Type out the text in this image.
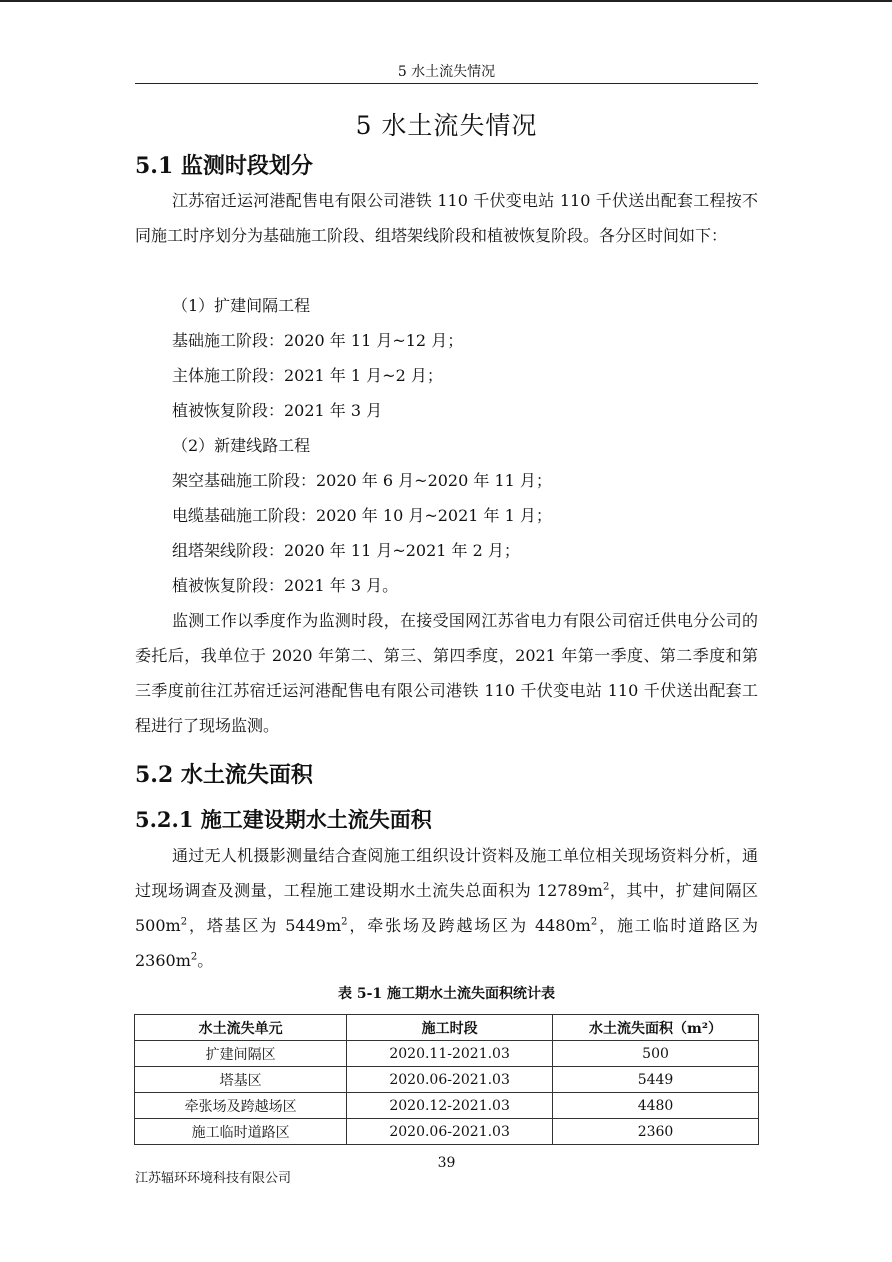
5 水土流失情况
5 水土流失情况
5.1 监测时段划分
江苏宿迁运河港配售电有限公司港铁 110 千伏变电站 110 千伏送出配套工程按不同施工时序划分为基础施工阶段、组塔架线阶段和植被恢复阶段。各分区时间如下：
（1）扩建间隔工程
基础施工阶段：2020 年 11 月~12 月；
主体施工阶段：2021 年 1 月~2 月；
植被恢复阶段：2021 年 3 月
（2）新建线路工程
架空基础施工阶段：2020 年 6 月~2020 年 11 月；
电缆基础施工阶段：2020 年 10 月~2021 年 1 月；
组塔架线阶段：2020 年 11 月~2021 年 2 月；
植被恢复阶段：2021 年 3 月。
监测工作以季度作为监测时段，在接受国网江苏省电力有限公司宿迁供电分公司的委托后，我单位于 2020 年第二、第三、第四季度，2021 年第一季度、第二季度和第三季度前往江苏宿迁运河港配售电有限公司港铁 110 千伏变电站 110 千伏送出配套工程进行了现场监测。
5.2 水土流失面积
5.2.1 施工建设期水土流失面积
通过无人机摄影测量结合查阅施工组织设计资料及施工单位相关现场资料分析，通过现场调查及测量，工程施工建设期水土流失总面积为 $12789m^2$，其中，扩建间隔区 $500m^2$，塔基区为 $5449m^2$，牵张场及跨越场区为 $4480m^2$，施工临时道路区为 $2360m^2$。
表 5-1 施工期水土流失面积统计表
水土流失单元	施工时段	水土流失面积（m²）
扩建间隔区	2020.11-2021.03	500
塔基区	2020.06-2021.03	5449
牵张场及跨越场区	2020.12-2021.03	4480
施工临时道路区	2020.06-2021.03	2360
39
江苏辐环环境科技有限公司
